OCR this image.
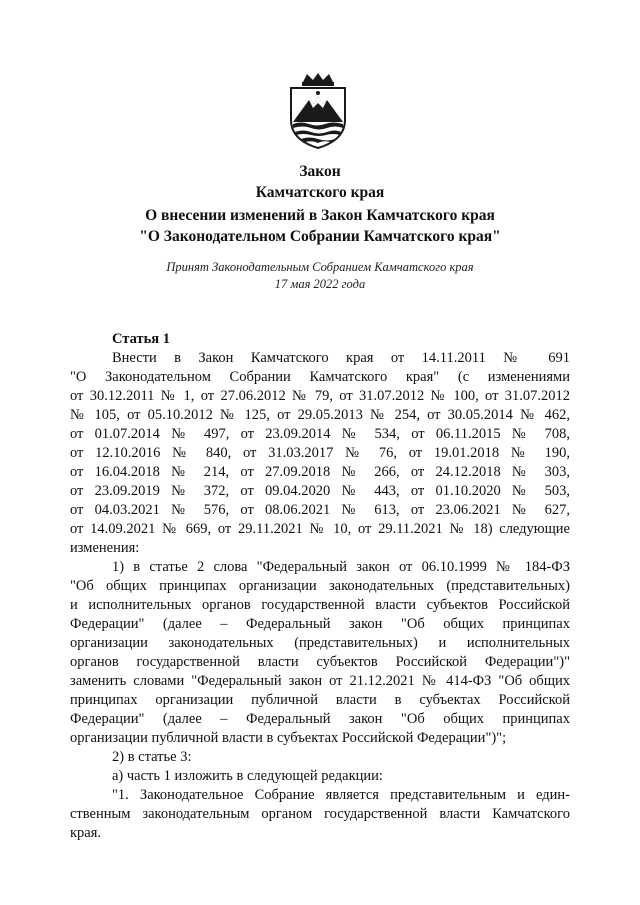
Закон
Камчатского края
О внесении изменений в Закон Камчатского края
"О Законодательном Собрании Камчатского края"
Принят Законодательным Собранием Камчатского края
17 мая 2022 года

Статья 1

Внести в Закон Камчатского края от 14.11.2011 № 691

"О Законодательном Собрании Камчатского края" (с изменениями

от 30.12.2011 № 1, от 27.06.2012 № 79, от 31.07.2012 № 100, от 31.07.2012

№ 105, от 05.10.2012 № 125, от 29.05.2013 № 254, от 30.05.2014 № 462,

от 01.07.2014 № 497, от 23.09.2014 № 534, от 06.11.2015 № 708,

от 12.10.2016 № 840, от 31.03.2017 № 76, от 19.01.2018 № 190,

от 16.04.2018 № 214, от 27.09.2018 № 266, от 24.12.2018 № 303,

от 23.09.2019 № 372, от 09.04.2020 № 443, от 01.10.2020 № 503,

от 04.03.2021 № 576, от 08.06.2021 № 613, от 23.06.2021 № 627,

от 14.09.2021 № 669, от 29.11.2021 № 10, от 29.11.2021 № 18) следующие

изменения:

1) в статье 2 слова "Федеральный закон от 06.10.1999 № 184-ФЗ

"Об общих принципах организации законодательных (представительных)

и исполнительных органов государственной власти субъектов Российской

Федерации" (далее – Федеральный закон "Об общих принципах

организации законодательных (представительных) и исполнительных

органов государственной власти субъектов Российской Федерации")"

заменить словами "Федеральный закон от 21.12.2021 № 414-ФЗ "Об общих

принципах организации публичной власти в субъектах Российской

Федерации" (далее – Федеральный закон "Об общих принципах

организации публичной власти в субъектах Российской Федерации")";

2) в статье 3:

а) часть 1 изложить в следующей редакции:

"1. Законодательное Собрание является представительным и един-

ственным законодательным органом государственной власти Камчатского

края.
